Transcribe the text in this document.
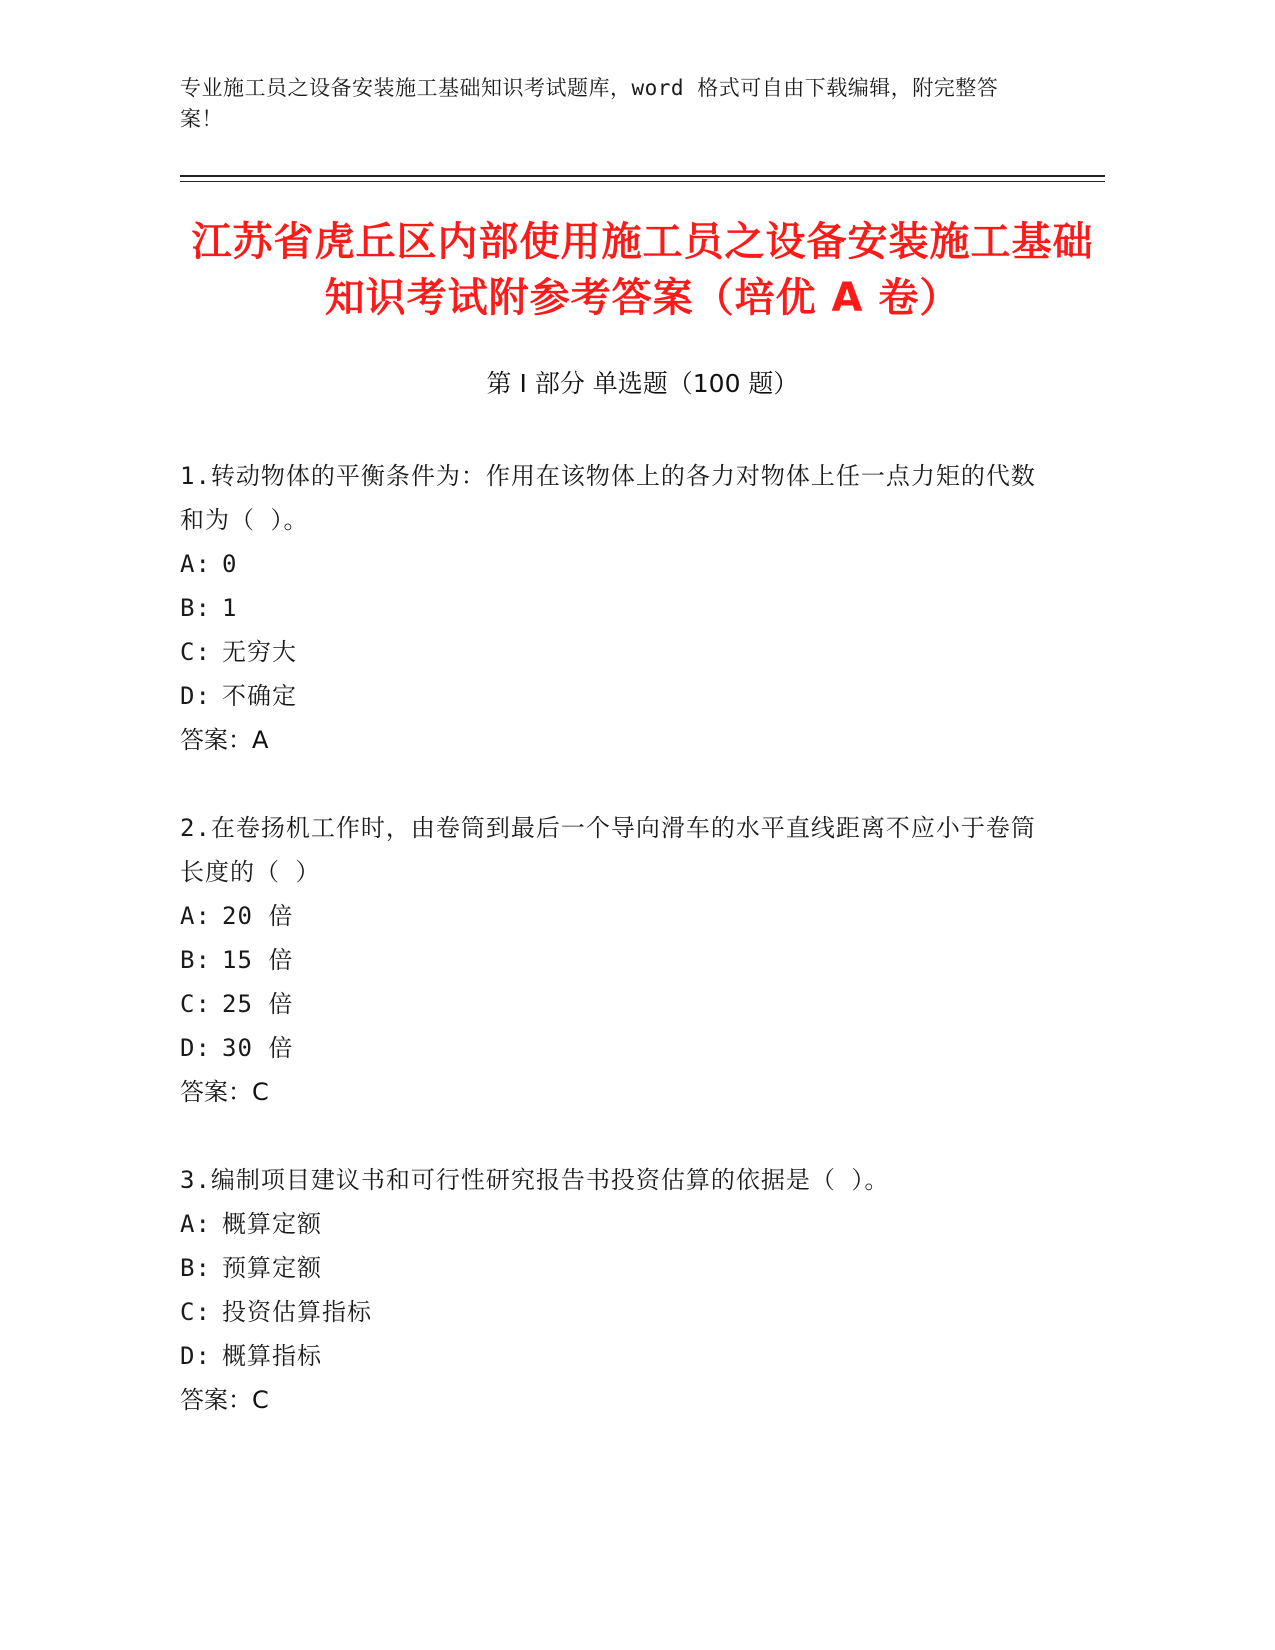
专业施工员之设备安装施工基础知识考试题库，word 格式可自由下载编辑，附完整答案！
江苏省虎丘区内部使用施工员之设备安装施工基础知识考试附参考答案（培优 A 卷）
第 I 部分 单选题（100 题）
1.转动物体的平衡条件为：作用在该物体上的各力对物体上任一点力矩的代数和为（ ）。
A: 0
B: 1
C: 无穷大
D: 不确定
答案：A
2.在卷扬机工作时，由卷筒到最后一个导向滑车的水平直线距离不应小于卷筒长度的（ ）
A: 20 倍
B: 15 倍
C: 25 倍
D: 30 倍
答案：C
3.编制项目建议书和可行性研究报告书投资估算的依据是（ ）。
A: 概算定额
B: 预算定额
C: 投资估算指标
D: 概算指标
答案：C
